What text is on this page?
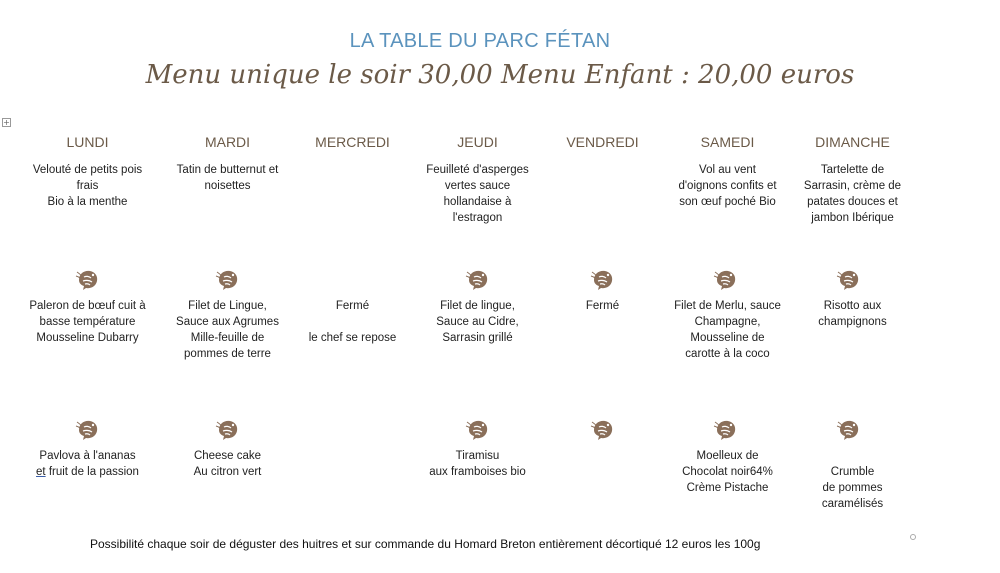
LA TABLE DU PARC FÉTAN
Menu unique le soir 30,00 Menu Enfant : 20,00 euros
+
LUNDI
Velouté de petits pois frais
Bio à la menthe
Paleron de bœuf cuit à
basse température
Mousseline Dubarry
Pavlova à l'ananas
et fruit de la passion
MARDI
Tatin de butternut et
noisettes
Filet de Lingue,
Sauce aux Agrumes
Mille-feuille de
pommes de terre
Cheese cake
Au citron vert
MERCREDI
Fermé

le chef se repose
JEUDI
Feuilleté d'asperges
vertes sauce
hollandaise à
l'estragon
Filet de lingue,
Sauce au Cidre,
Sarrasin grillé
Tiramisu
aux framboises bio
VENDREDI
Fermé
SAMEDI
Vol au vent
d'oignons confits et
son œuf poché Bio
Filet de Merlu, sauce
Champagne,
Mousseline de
carotte à la coco
Moelleux de
Chocolat noir64%
Crème Pistache
DIMANCHE
Tartelette de
Sarrasin, crème de
patates douces et
jambon Ibérique
Risotto aux
champignons

Crumble
de pommes
caramélisés
Possibilité chaque soir de déguster des huitres et sur commande du Homard Breton entièrement décortiqué 12 euros les 100g
